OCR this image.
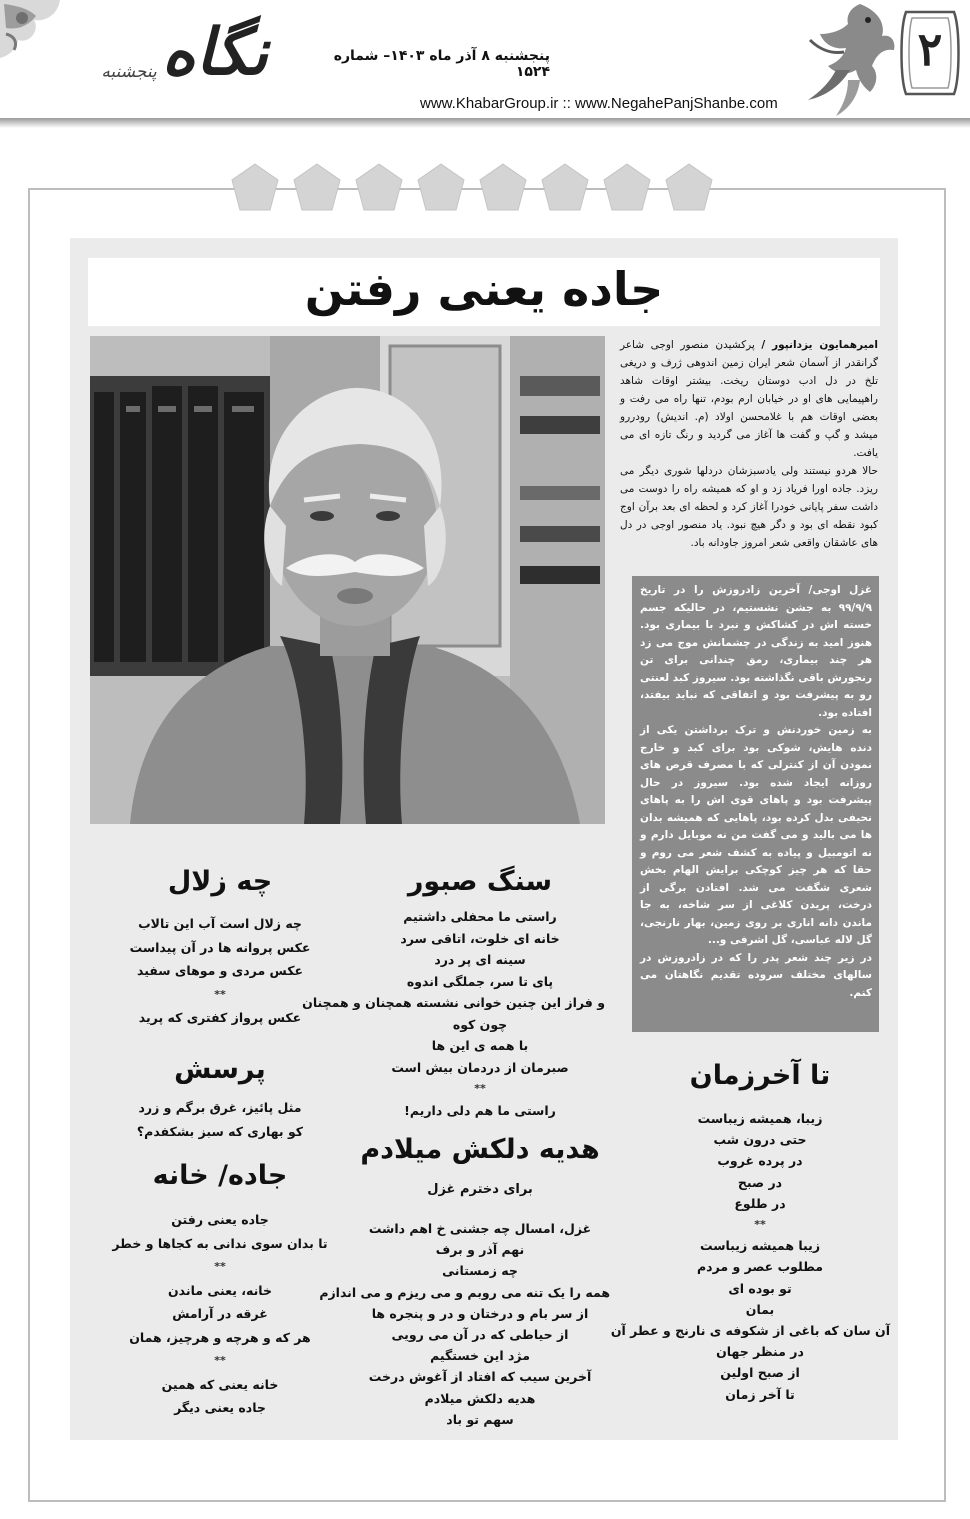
نگاه
پنجشنبه
پنجشنبه ۸ آذر ماه ۱۴۰۳– شماره ۱۵۲۴
www.KhabarGroup.ir :: www.NegahePanjShanbe.com
۲
جاده یعنی رفتن

امیرهمایون یزدانپور / پرکشیدن منصور اوجی شاعر گرانقدر از آسمان شعر ایران زمین اندوهی ژرف و دریغی تلخ در دل ادب دوستان ریخت. بیشتر اوقات شاهد راهپیمایی های او در خیابان ارم بودم، تنها راه می رفت و بعضی اوقات هم با غلامحسن اولاد (م. اندیش) رودررو میشد و گپ و گفت ها آغاز می گردید و رنگ تازه ای می یافت.

حالا هردو نیستند ولی یادسبزشان دردلها شوری دیگر می ریزد. جاده اورا فریاد زد و او که همیشه راه را دوست می داشت سفر پایانی خودرا آغاز کرد و لحظه ای بعد برآن اوج کبود نقطه ای بود و دگر هیچ نبود. یاد منصور اوجی در دل های عاشقان واقعی شعر امروز جاودانه باد.

غزل اوجی/ آخرین زادروزش را در تاریخ ۹۹/۹/۹ به جشن نشستیم، در حالیکه جسم خسته اش در کشاکش و نبرد با بیماری بود. هنوز امید به زندگی در چشمانش موج می زد هر چند بیماری، رمق چندانی برای تن رنجورش باقی نگذاشته بود. سیروز کبد لعنتی رو به پیشرفت بود و اتفاقی که نباید بیفتد، افتاده بود.

به زمین خوردنش و ترک برداشتن یکی از دنده هایش، شوکی بود برای کبد و خارج نمودن آن از کنترلی که با مصرف قرص های روزانه ایجاد شده بود. سیروز در حال پیشرفت بود و پاهای قوی اش را به پاهای نحیفی بدل کرده بود، پاهایی که همیشه بدان ها می بالید و می گفت من نه موبایل دارم و نه اتومبیل و پیاده به کشف شعر می روم و حقا که هر چیز کوچکی برایش الهام بخش شعری شگفت می شد. افتادن برگی از درخت، پریدن کلاغی از سر شاخه، به جا ماندن دانه اناری بر روی زمین، بهار نارنجی، گل لاله عباسی، گل اشرفی و...

در زیر چند شعر پدر را که در زادروزش در سالهای مختلف سروده تقدیم نگاهتان می کنم.

چه زلال
چه زلال است آب این تالاب
عکس پروانه ها در آن پیداست
عکس مردی و موهای سفید
**
عکس پرواز کفتری که پرید
پرسش
مثل پائیز، غرق برگم و زرد
کو بهاری که سبز بشکفدم؟
جاده/ خانه
جاده یعنی رفتن
تا بدان سوی ندانی به کجاها و خطر
**
خانه، یعنی ماندن
غرقه در آرامش
هر که و هرچه و هرچیز، همان
**
خانه یعنی که همین
جاده یعنی دیگر
سنگ صبور
راستی ما محفلی داشتیم
خانه ای خلوت، اتاقی سرد
سینه ای پر درد
پای تا سر، جملگی اندوه
و فراز این چنین خوانی نشسته همچنان و همچنان
چون کوه
با همه ی این ها
صبرمان از دردمان بیش است
**
راستی ما هم دلی داریم!
هدیه دلکش میلادم
برای دخترم غزل
غزل، امسال چه جشنی خ اهم داشت
نهم آذر و برف
چه زمستانی
همه را یک تنه می روبم و می ریزم و می اندازم
از سر بام و درختان و در و پنجره ها
از حیاطی که در آن می رویی
مژد این خستگیم
آخرین سیب که افتاد از آغوش درخت
هدیه دلکش میلادم
سهم تو باد
تا آخرزمان
زیبا، همیشه زیباست
حتی درون شب
در پرده غروب
در صبح
در طلوع
**
زیبا همیشه زیباست
مطلوب عصر و مردم
تو بوده ای
بمان
آن سان که باغی از شکوفه ی نارنج و عطر آن
در منظر جهان
از صبح اولین
تا آخر زمان
